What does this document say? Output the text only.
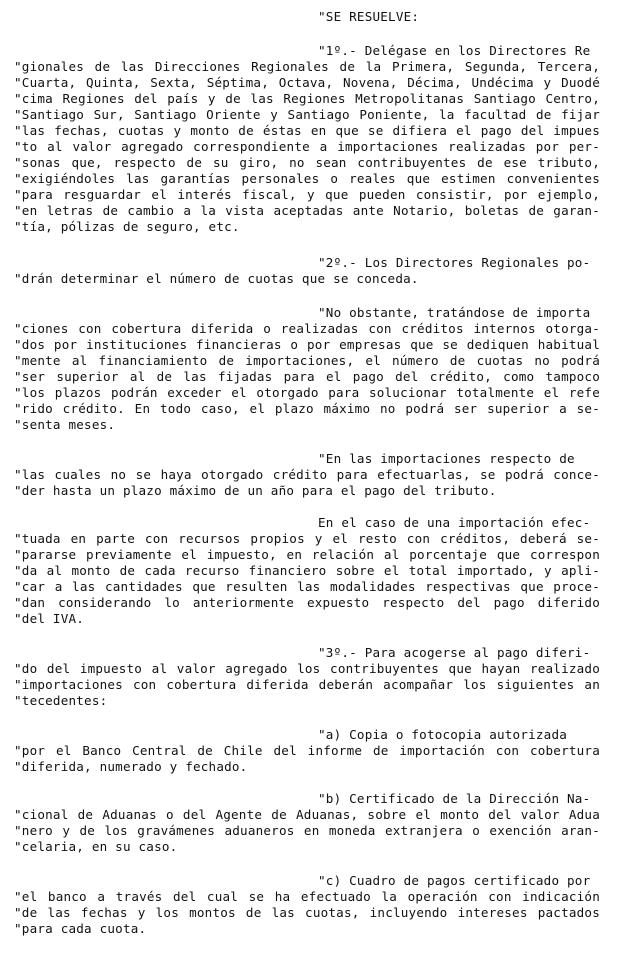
"SE RESUELVE:
"1º.- Delégase en los Directores Re
"gionales de las Direcciones Regionales de la Primera, Segunda, Tercera,
"Cuarta, Quinta, Sexta, Séptima, Octava, Novena, Décima, Undécima y Duodé
"cima Regiones del país y de las Regiones Metropolitanas Santiago Centro,
"Santiago Sur, Santiago Oriente y Santiago Poniente, la facultad de fijar
"las fechas, cuotas y monto de éstas en que se difiera el pago del impues
"to al valor agregado correspondiente a importaciones realizadas por per-
"sonas que, respecto de su giro, no sean contribuyentes de ese tributo,
"exigiéndoles las garantías personales o reales que estimen convenientes
"para resguardar el interés fiscal, y que pueden consistir, por ejemplo,
"en letras de cambio a la vista aceptadas ante Notario, boletas de garan-
"tía, pólizas de seguro, etc.
"2º.- Los Directores Regionales po-
"drán determinar el número de cuotas que se conceda.
"No obstante, tratándose de importa
"ciones con cobertura diferida o realizadas con créditos internos otorga-
"dos por instituciones financieras o por empresas que se dediquen habitual
"mente al financiamiento de importaciones, el número de cuotas no podrá
"ser superior al de las fijadas para el pago del crédito, como tampoco
"los plazos podrán exceder el otorgado para solucionar totalmente el refe
"rido crédito. En todo caso, el plazo máximo no podrá ser superior a se-
"senta meses.
"En las importaciones respecto de
"las cuales no se haya otorgado crédito para efectuarlas, se podrá conce-
"der hasta un plazo máximo de un año para el pago del tributo.
En el caso de una importación efec-
"tuada en parte con recursos propios y el resto con créditos, deberá se-
"pararse previamente el impuesto, en relación al porcentaje que correspon
"da al monto de cada recurso financiero sobre el total importado, y apli-
"car a las cantidades que resulten las modalidades respectivas que proce-
"dan considerando lo anteriormente expuesto respecto del pago diferido
"del IVA.
"3º.- Para acogerse al pago diferi-
"do del impuesto al valor agregado los contribuyentes que hayan realizado
"importaciones con cobertura diferida deberán acompañar los siguientes an
"tecedentes:
"a) Copia o fotocopia autorizada
"por el Banco Central de Chile del informe de importación con cobertura
"diferida, numerado y fechado.
"b) Certificado de la Dirección Na-
"cional de Aduanas o del Agente de Aduanas, sobre el monto del valor Adua
"nero y de los gravámenes aduaneros en moneda extranjera o exención aran-
"celaria, en su caso.
"c) Cuadro de pagos certificado por
"el banco a través del cual se ha efectuado la operación con indicación
"de las fechas y los montos de las cuotas, incluyendo intereses pactados
"para cada cuota.
